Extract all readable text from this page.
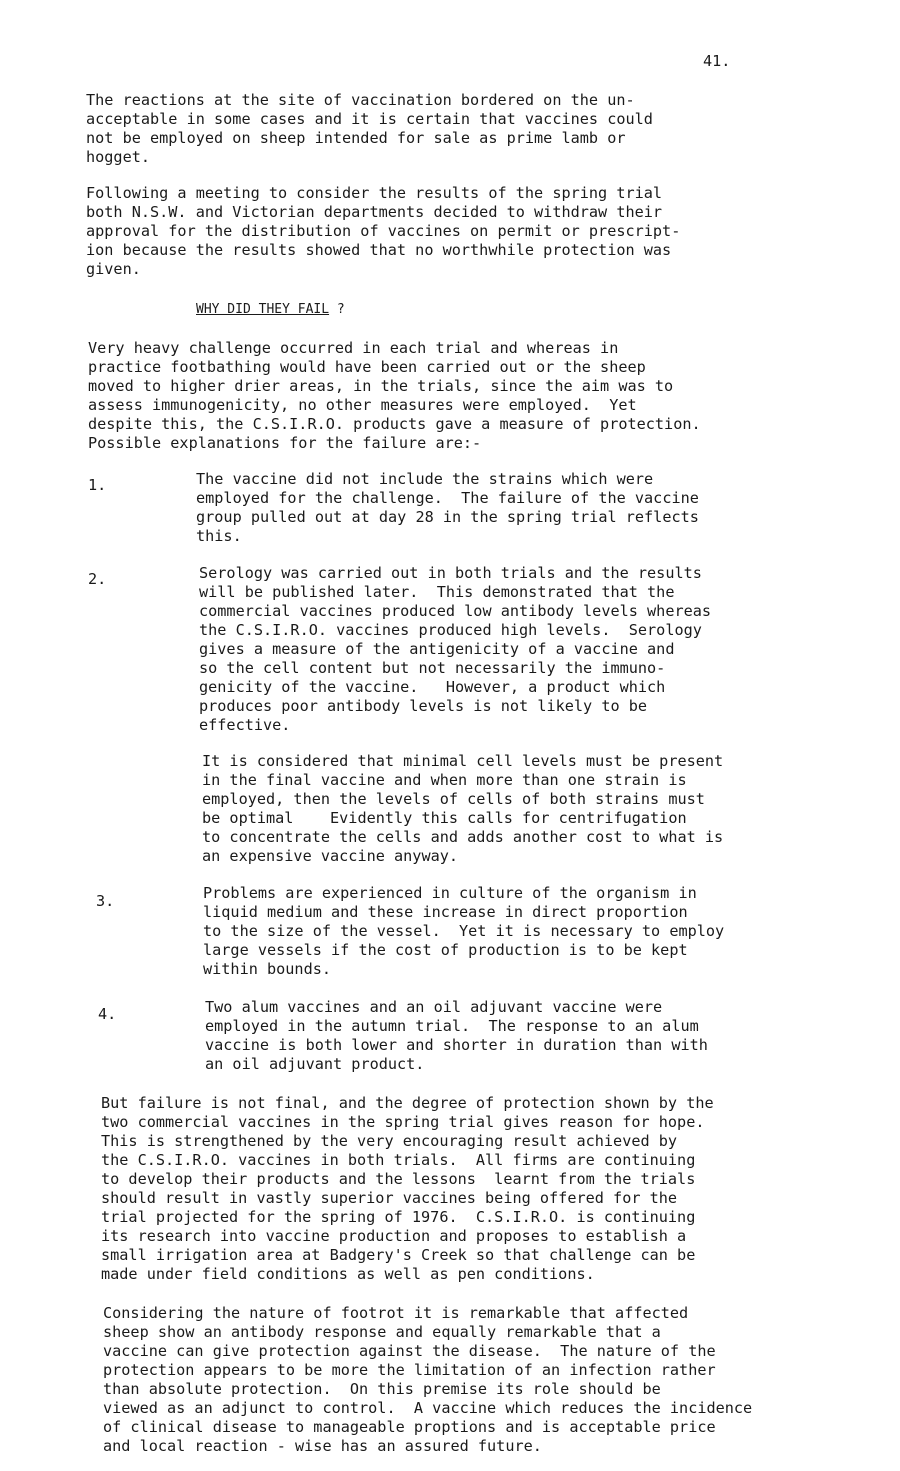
41.

The reactions at the site of vaccination bordered on the un-
acceptable in some cases and it is certain that vaccines could
not be employed on sheep intended for sale as prime lamb or
hogget.

Following a meeting to consider the results of the spring trial
both N.S.W. and Victorian departments decided to withdraw their
approval for the distribution of vaccines on permit or prescript-
ion because the results showed that no worthwhile protection was
given.

WHY DID THEY FAIL ?

Very heavy challenge occurred in each trial and whereas in
practice footbathing would have been carried out or the sheep
moved to higher drier areas, in the trials, since the aim was to
assess immunogenicity, no other measures were employed.  Yet
despite this, the C.S.I.R.O. products gave a measure of protection.
Possible explanations for the failure are:-

1.	The vaccine did not include the strains which were
employed for the challenge.  The failure of the vaccine
group pulled out at day 28 in the spring trial reflects
this.

2.	Serology was carried out in both trials and the results
will be published later.  This demonstrated that the
commercial vaccines produced low antibody levels whereas
the C.S.I.R.O. vaccines produced high levels.  Serology
gives a measure of the antigenicity of a vaccine and
so the cell content but not necessarily the immuno-
genicity of the vaccine.   However, a product which
produces poor antibody levels is not likely to be
effective.

It is considered that minimal cell levels must be present
in the final vaccine and when more than one strain is
employed, then the levels of cells of both strains must
be optimal    Evidently this calls for centrifugation
to concentrate the cells and adds another cost to what is
an expensive vaccine anyway.

3.	Problems are experienced in culture of the organism in
liquid medium and these increase in direct proportion
to the size of the vessel.  Yet it is necessary to employ
large vessels if the cost of production is to be kept
within bounds.

4.	Two alum vaccines and an oil adjuvant vaccine were
employed in the autumn trial.  The response to an alum
vaccine is both lower and shorter in duration than with
an oil adjuvant product.

But failure is not final, and the degree of protection shown by the
two commercial vaccines in the spring trial gives reason for hope.
This is strengthened by the very encouraging result achieved by
the C.S.I.R.O. vaccines in both trials.  All firms are continuing
to develop their products and the lessons  learnt from the trials
should result in vastly superior vaccines being offered for the
trial projected for the spring of 1976.  C.S.I.R.O. is continuing
its research into vaccine production and proposes to establish a
small irrigation area at Badgery's Creek so that challenge can be
made under field conditions as well as pen conditions.

Considering the nature of footrot it is remarkable that affected
sheep show an antibody response and equally remarkable that a
vaccine can give protection against the disease.  The nature of the
protection appears to be more the limitation of an infection rather
than absolute protection.  On this premise its role should be
viewed as an adjunct to control.  A vaccine which reduces the incidence
of clinical disease to manageable proptions and is acceptable price
and local reaction - wise has an assured future.
